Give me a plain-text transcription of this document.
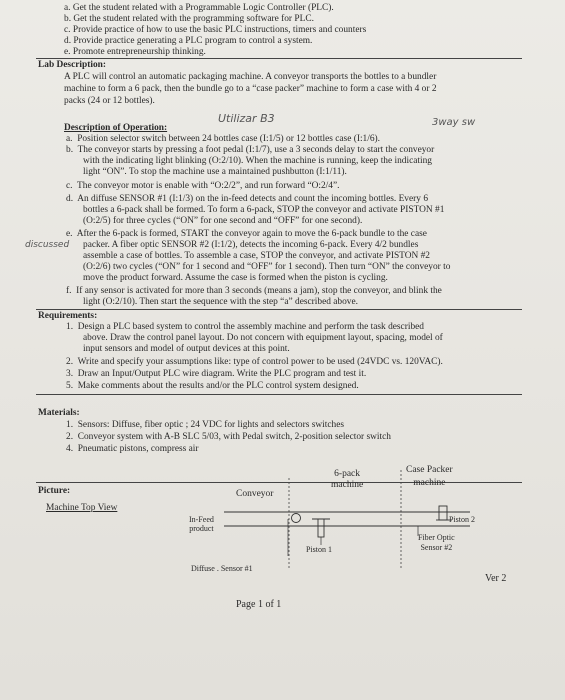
a. Get the student related with a Programmable Logic Controller (PLC).
b. Get the student related with the programming software for PLC.
c. Provide practice of how to use the basic PLC instructions, timers and counters
d. Provide practice generating a PLC program to control a system.
e. Promote entrepreneurship thinking.
Lab Description:
A PLC will control an automatic packaging machine. A conveyor transports the bottles to a bundler
machine to form a 6 pack, then the bundle go to a “case packer” machine to form a case with 4 or 2
packs (24 or 12 bottles).
Description of Operation:
Utilizar B3	3way sw
a. Position selector switch between 24 bottles case (I:1/5) or 12 bottles case (I:1/6).
b. The conveyor starts by pressing a foot pedal (I:1/7), use a 3 seconds delay to start the conveyor
with the indicating light blinking (O:2/10). When the machine is running, keep the indicating
light “ON”. To stop the machine use a maintained pushbutton (I:1/11).
c. The conveyor motor is enable with “O:2/2”, and run forward “O:2/4”.
d. An diffuse SENSOR #1 (I:1/3) on the in-feed detects and count the incoming bottles. Every 6
bottles a 6-pack shall be formed. To form a 6-pack, STOP the conveyor and activate PISTON #1
(O:2/5) for three cycles (“ON” for one second and “OFF” for one second).
e. After the 6-pack is formed, START the conveyor again to move the 6-pack bundle to the case
packer. A fiber optic SENSOR #2 (I:1/2), detects the incoming 6-pack. Every 4/2 bundles
assemble a case of bottles. To assemble a case, STOP the conveyor, and activate PISTON #2
(O:2/6) two cycles (“ON” for 1 second and “OFF” for 1 second). Then turn “ON” the conveyor to
move the product forward. Assume the case is formed when the piston is cycling.
f. If any sensor is activated for more than 3 seconds (means a jam), stop the conveyor, and blink the
light (O:2/10). Then start the sequence with the step “a” described above.
discussed
Requirements:
1. Design a PLC based system to control the assembly machine and perform the task described
above. Draw the control panel layout. Do not concern with equipment layout, spacing, model of
input sensors and model of output devices at this point.
2. Write and specify your assumptions like: type of control power to be used (24VDC vs. 120VAC).
3. Draw an Input/Output PLC wire diagram. Write the PLC program and test it.
5. Make comments about the results and/or the PLC control system designed.
Materials:
1. Sensors: Diffuse, fiber optic ; 24 VDC for lights and selectors switches
2. Conveyor system with A-B SLC 5/03, with Pedal switch, 2-position selector switch
4. Pneumatic pistons, compress air
Picture:
Machine Top View
Conveyor
6-pack
machine
Case Packer
machine
In-Feed
product
Piston 1
Piston 2
Diffuse . Sensor #1
Fiber Optic
Sensor #2
Ver 2
Page 1 of 1
